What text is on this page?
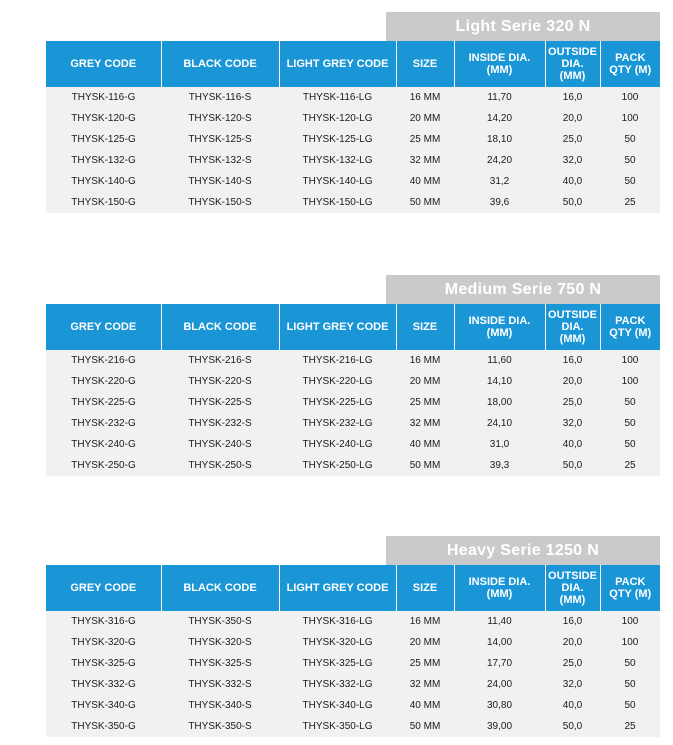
Light Serie 320 N
GREY CODE	BLACK CODE	LIGHT GREY CODE	SIZE	INSIDE DIA. (MM)	OUTSIDE DIA. (MM)	PACK QTY (M)
THYSK-116-G	THYSK-116-S	THYSK-116-LG	16 MM	11,70	16,0	100
THYSK-120-G	THYSK-120-S	THYSK-120-LG	20 MM	14,20	20,0	100
THYSK-125-G	THYSK-125-S	THYSK-125-LG	25 MM	18,10	25,0	50
THYSK-132-G	THYSK-132-S	THYSK-132-LG	32 MM	24,20	32,0	50
THYSK-140-G	THYSK-140-S	THYSK-140-LG	40 MM	31,2	40,0	50
THYSK-150-G	THYSK-150-S	THYSK-150-LG	50 MM	39,6	50,0	25
Medium Serie 750 N
GREY CODE	BLACK CODE	LIGHT GREY CODE	SIZE	INSIDE DIA. (MM)	OUTSIDE DIA. (MM)	PACK QTY (M)
THYSK-216-G	THYSK-216-S	THYSK-216-LG	16 MM	11,60	16,0	100
THYSK-220-G	THYSK-220-S	THYSK-220-LG	20 MM	14,10	20,0	100
THYSK-225-G	THYSK-225-S	THYSK-225-LG	25 MM	18,00	25,0	50
THYSK-232-G	THYSK-232-S	THYSK-232-LG	32 MM	24,10	32,0	50
THYSK-240-G	THYSK-240-S	THYSK-240-LG	40 MM	31,0	40,0	50
THYSK-250-G	THYSK-250-S	THYSK-250-LG	50 MM	39,3	50,0	25
Heavy Serie 1250 N
GREY CODE	BLACK CODE	LIGHT GREY CODE	SIZE	INSIDE DIA. (MM)	OUTSIDE DIA. (MM)	PACK QTY (M)
THYSK-316-G	THYSK-350-S	THYSK-316-LG	16 MM	11,40	16,0	100
THYSK-320-G	THYSK-320-S	THYSK-320-LG	20 MM	14,00	20,0	100
THYSK-325-G	THYSK-325-S	THYSK-325-LG	25 MM	17,70	25,0	50
THYSK-332-G	THYSK-332-S	THYSK-332-LG	32 MM	24,00	32,0	50
THYSK-340-G	THYSK-340-S	THYSK-340-LG	40 MM	30,80	40,0	50
THYSK-350-G	THYSK-350-S	THYSK-350-LG	50 MM	39,00	50,0	25
